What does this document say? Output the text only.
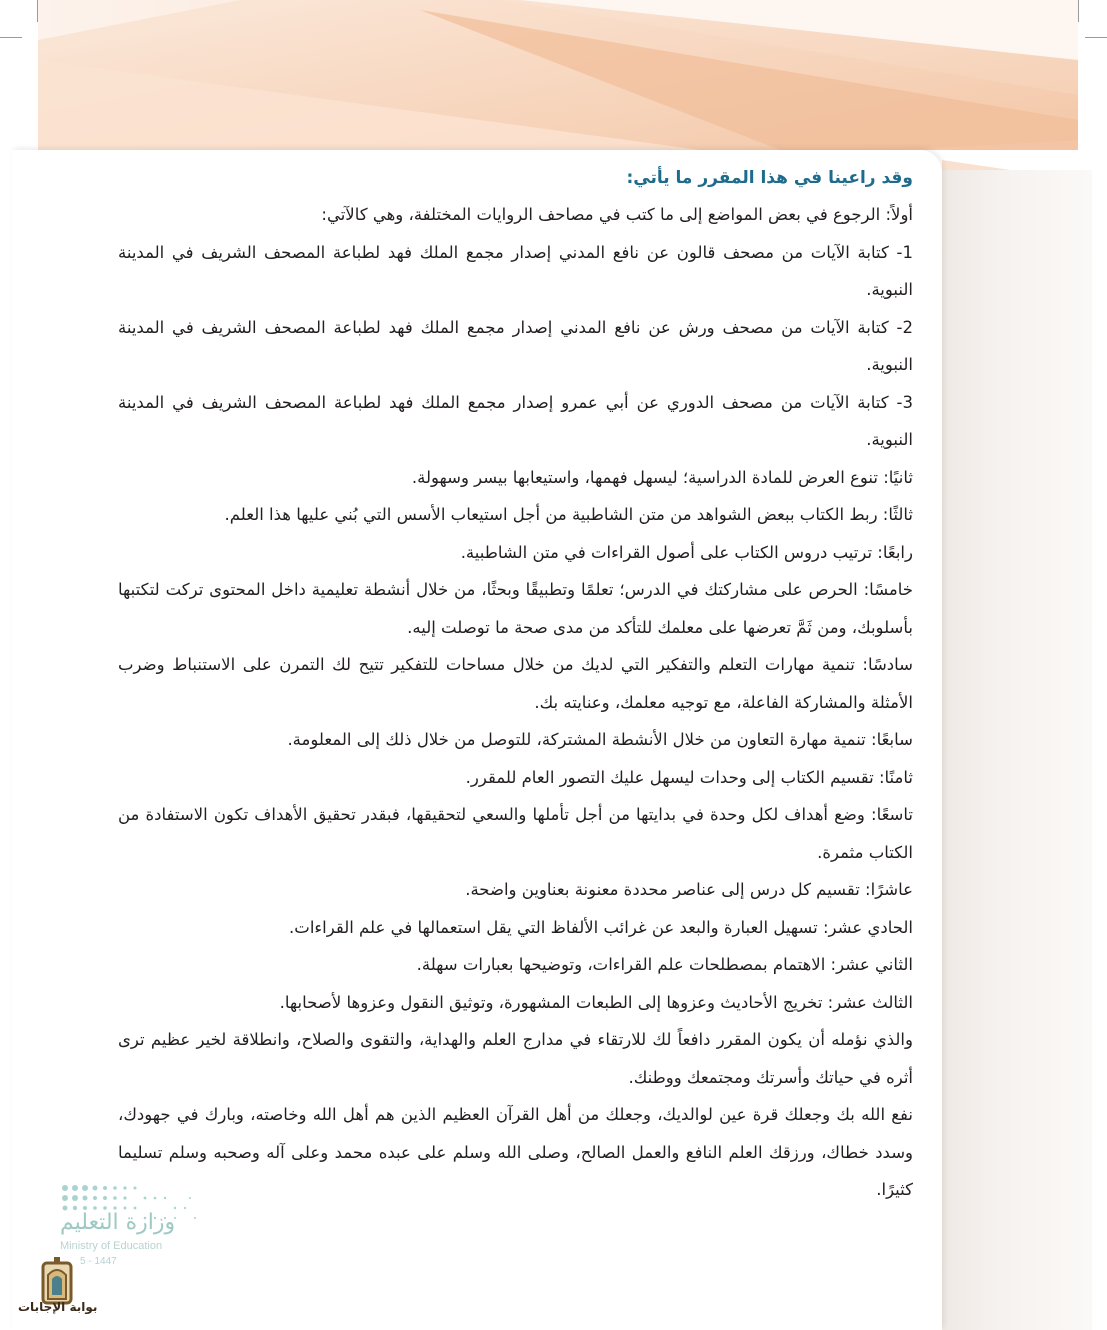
وقد راعينا في هذا المقرر ما يأتي:
أولاً: الرجوع في بعض المواضع إلى ما كتب في مصاحف الروايات المختلفة، وهي كالآتي:
1- كتابة الآيات من مصحف قالون عن نافع المدني إصدار مجمع الملك فهد لطباعة المصحف الشريف في المدينة النبوية.
2- كتابة الآيات من مصحف ورش عن نافع المدني إصدار مجمع الملك فهد لطباعة المصحف الشريف في المدينة النبوية.
3- كتابة الآيات من مصحف الدوري عن أبي عمرو إصدار مجمع الملك فهد لطباعة المصحف الشريف في المدينة النبوية.
ثانيًا: تنوع العرض للمادة الدراسية؛ ليسهل فهمها، واستيعابها بيسر وسهولة.
ثالثًا: ربط الكتاب ببعض الشواهد من متن الشاطبية من أجل استيعاب الأسس التي بُني عليها هذا العلم.
رابعًا: ترتيب دروس الكتاب على أصول القراءات في متن الشاطبية.
خامسًا: الحرص على مشاركتك في الدرس؛ تعلمًا وتطبيقًا وبحثًا، من خلال أنشطة تعليمية داخل المحتوى تركت لتكتبها بأسلوبك، ومن ثَمَّ تعرضها على معلمك للتأكد من مدى صحة ما توصلت إليه.
سادسًا: تنمية مهارات التعلم والتفكير التي لديك من خلال مساحات للتفكير تتيح لك التمرن على الاستنباط وضرب الأمثلة والمشاركة الفاعلة، مع توجيه معلمك، وعنايته بك.
سابعًا: تنمية مهارة التعاون من خلال الأنشطة المشتركة، للتوصل من خلال ذلك إلى المعلومة.
ثامنًا: تقسيم الكتاب إلى وحدات ليسهل عليك التصور العام للمقرر.
تاسعًا: وضع أهداف لكل وحدة في بدايتها من أجل تأملها والسعي لتحقيقها، فبقدر تحقيق الأهداف تكون الاستفادة من الكتاب مثمرة.
عاشرًا: تقسيم كل درس إلى عناصر محددة معنونة بعناوين واضحة.
الحادي عشر: تسهيل العبارة والبعد عن غرائب الألفاظ التي يقل استعمالها في علم القراءات.
الثاني عشر: الاهتمام بمصطلحات علم القراءات، وتوضيحها بعبارات سهلة.
الثالث عشر: تخريج الأحاديث وعزوها إلى الطبعات المشهورة، وتوثيق النقول وعزوها لأصحابها.
والذي نؤمله أن يكون المقرر دافعاً لك للارتقاء في مدارج العلم والهداية، والتقوى والصلاح، وانطلاقة لخير عظيم ترى أثره في حياتك وأسرتك ومجتمعك ووطنك.
نفع الله بك وجعلك قرة عين لوالديك، وجعلك من أهل القرآن العظيم الذين هم أهل الله وخاصته، وبارك في جهودك، وسدد خطاك، ورزقك العلم النافع والعمل الصالح، وصلى الله وسلم على عبده محمد وعلى آله وصحبه وسلم تسليما كثيرًا.
وزارة التعليم
Ministry of Education
5 - 1447
بوابة الإجابات
